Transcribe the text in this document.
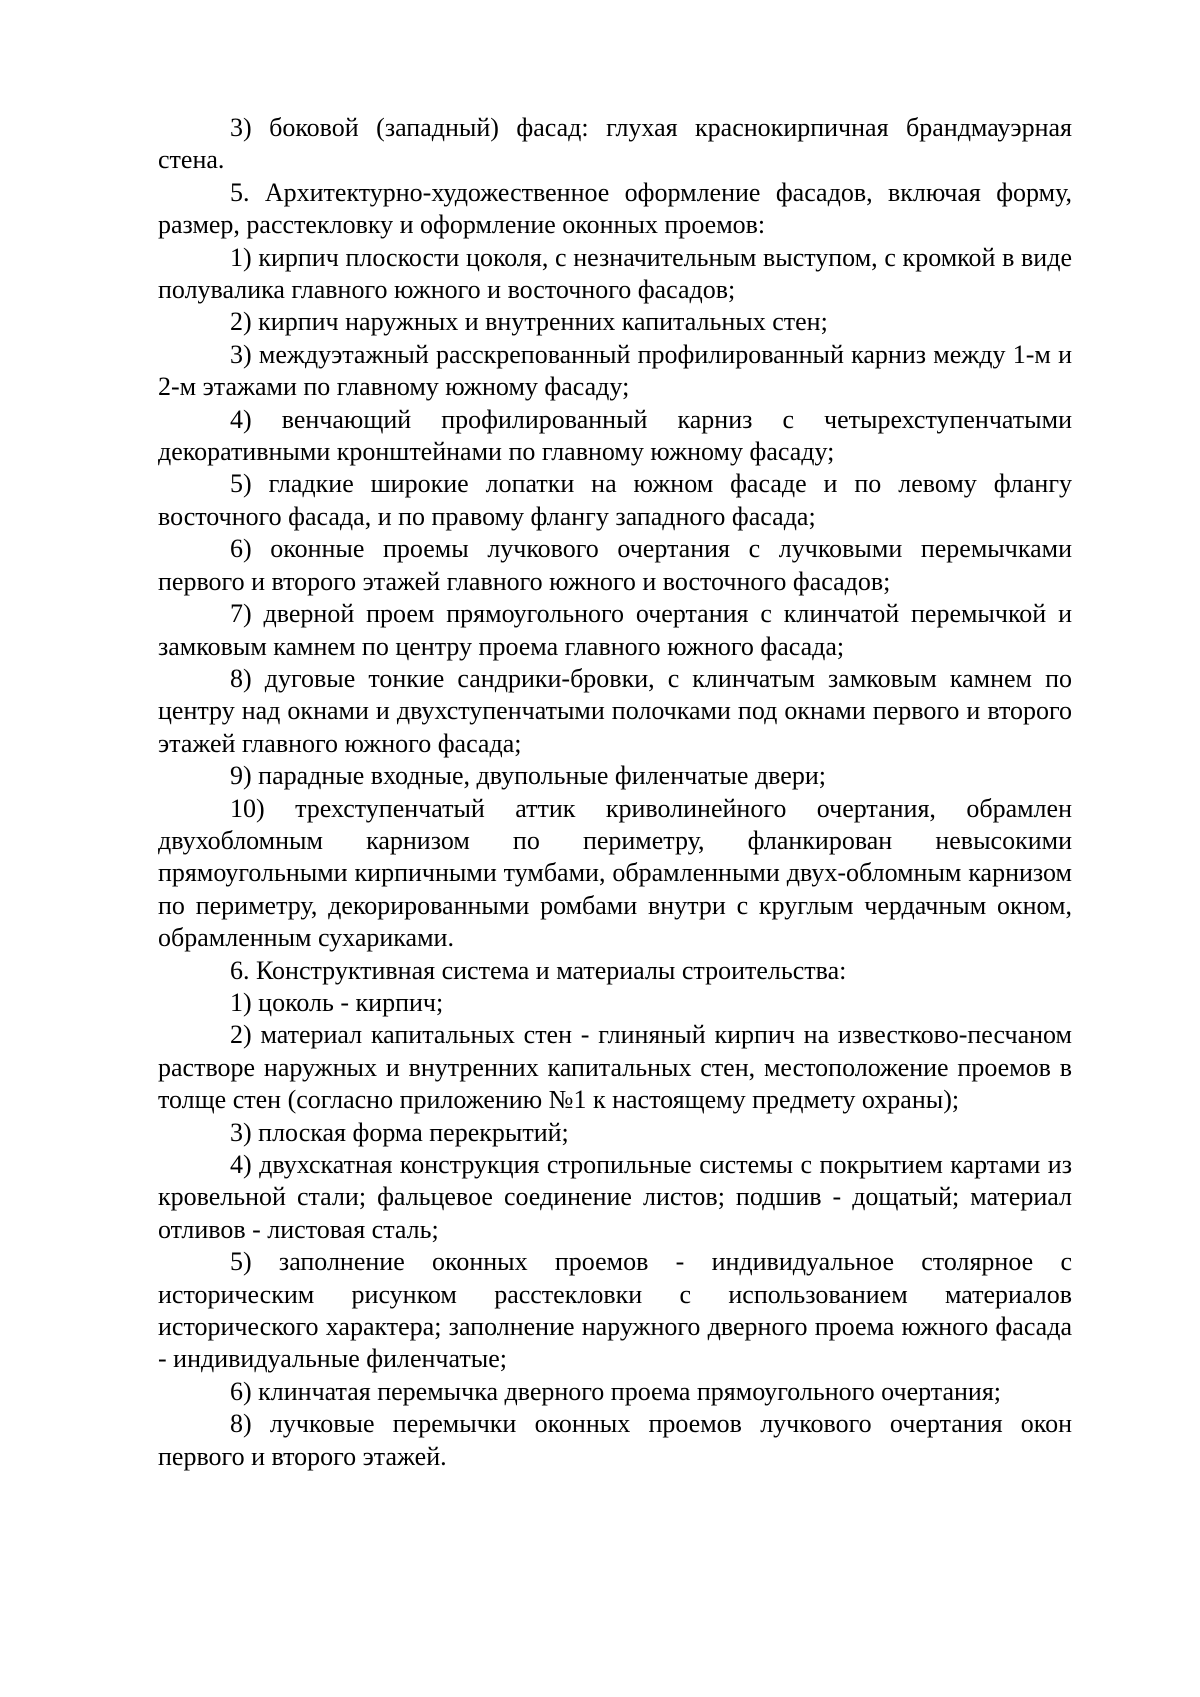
3) боковой (западный) фасад: глухая краснокирпичная брандмауэрная стена.

5. Архитектурно-художественное оформление фасадов, включая форму, размер, расстекловку и оформление оконных проемов:

1) кирпич плоскости цоколя, с незначительным выступом, с кромкой в виде полувалика главного южного и восточного фасадов;

2) кирпич наружных и внутренних капитальных стен;

3) междуэтажный расскрепованный профилированный карниз между 1-м и 2-м этажами по главному южному фасаду;

4) венчающий профилированный карниз с четырехступенчатыми декоративными кронштейнами по главному южному фасаду;

5) гладкие широкие лопатки на южном фасаде и по левому флангу восточного фасада, и по правому флангу западного фасада;

6) оконные проемы лучкового очертания с лучковыми перемычками первого и второго этажей главного южного и восточного фасадов;

7) дверной проем прямоугольного очертания с клинчатой перемычкой и замковым камнем по центру проема главного южного фасада;

8) дуговые тонкие сандрики-бровки, с клинчатым замковым камнем по центру над окнами и двухступенчатыми полочками под окнами первого и второго этажей главного южного фасада;

9) парадные входные, двупольные филенчатые двери;

10) трехступенчатый аттик криволинейного очертания, обрамлен двухобломным карнизом по периметру, фланкирован невысокими прямоугольными кирпичными тумбами, обрамленными двух-обломным карнизом по периметру, декорированными ромбами внутри с круглым чердачным окном, обрамленным сухариками.

6. Конструктивная система и материалы строительства:

1) цоколь - кирпич;

2) материал капитальных стен - глиняный кирпич на известково-песчаном растворе наружных и внутренних капитальных стен, местоположение проемов в толще стен (согласно приложению №1 к настоящему предмету охраны);

3) плоская форма перекрытий;

4) двухскатная конструкция стропильные системы с покрытием картами из кровельной стали; фальцевое соединение листов; подшив - дощатый; материал отливов - листовая сталь;

5) заполнение оконных проемов - индивидуальное столярное с историческим рисунком расстекловки с использованием материалов исторического характера; заполнение наружного дверного проема южного фасада - индивидуальные филенчатые;

6) клинчатая перемычка дверного проема прямоугольного очертания;

8) лучковые перемычки оконных проемов лучкового очертания окон первого и второго этажей.
